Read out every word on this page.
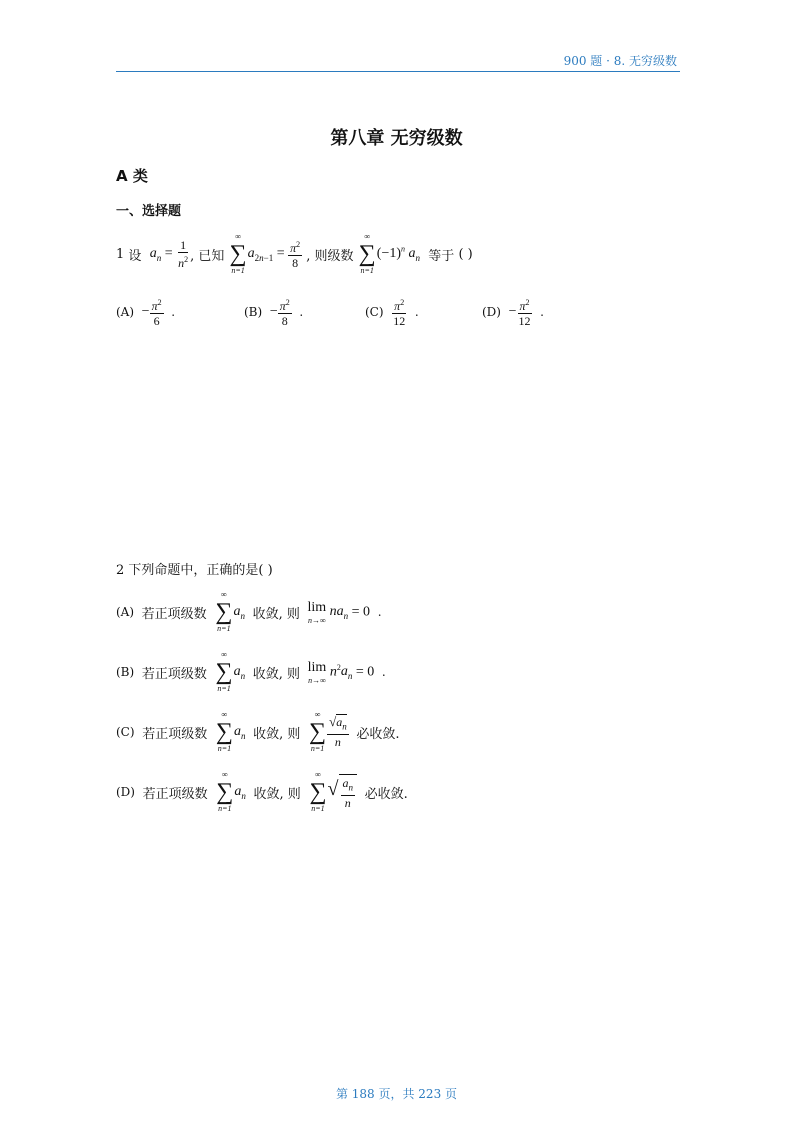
900 题 · 8. 无穷级数
第八章 无穷级数
A 类
一、选择题
1
设
$a_n = \frac{1}{n^2}$ , 已知

∞
∑
n=1
$a_{2n-1} = \frac{\pi^2}{8}$
, 则级数

∞
∑
n=1
$(-1)^n$ $a_n$
等于
( )
(A)
− $\frac{\pi^2}{6}$
.	(B)
− $\frac{\pi^2}{8}$
.	(C)
$\frac{\pi^2}{12}$
.	(D)
− $\frac{\pi^2}{12}$
.
2 下列命题中，正确的是( )
(A)
若正项级数

∞
∑
n=1
$a_n$
收敛, 则
lim
n→∞
$na_n = 0$
.
(B)
若正项级数

∞
∑
n=1
$a_n$
收敛, 则
lim
n→∞
$n^2a_n = 0$
.
(C)
若正项级数

∞
∑
n=1
$a_n$
收敛, 则

∞
∑
$n=1 \frac{√a_n}{n}$
必收敛.
(D)
若正项级数

∞
∑
n=1
$a_n$
收敛, 则

∞
∑
n=1
√ $\frac{a_n}{n}$
必收敛.
第 188 页，共 223 页
